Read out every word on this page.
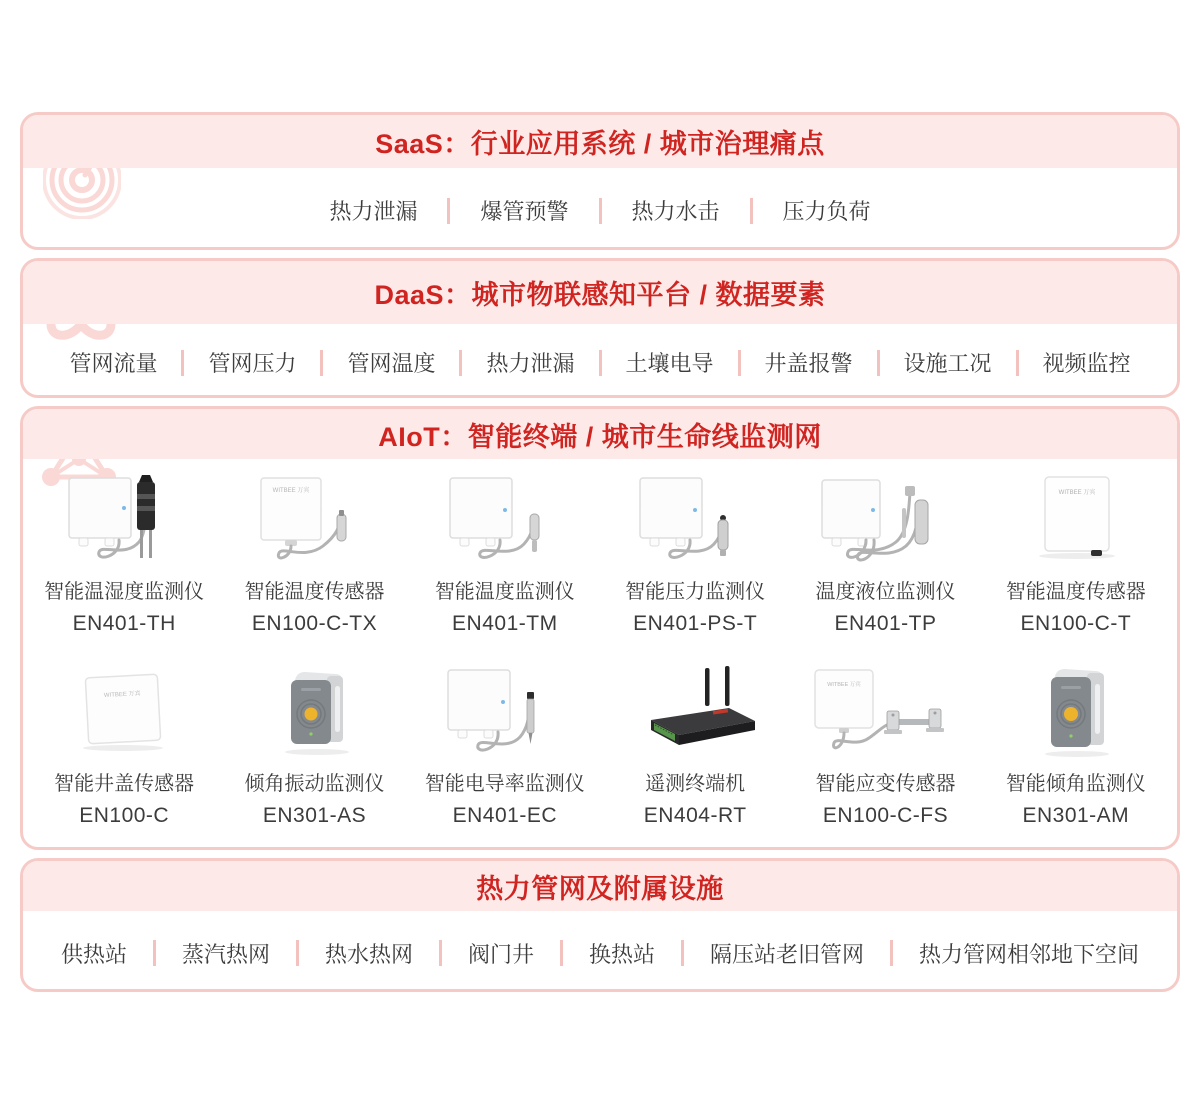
SaaS：行业应用系统 / 城市治理痛点
热力泄漏	爆管预警	热力水击	压力负荷
DaaS：城市物联感知平台 / 数据要素
管网流量 管网压力 管网温度 热力泄漏 土壤电导 井盖报警 设施工况 视频监控
AIoT：智能终端 / 城市生命线监测网
智能温湿度监测仪
EN401-TH
WITBEE 万宾
智能温度传感器
EN100-C-TX
智能温度监测仪
EN401-TM
智能压力监测仪
EN401-PS-T
温度液位监测仪
EN401-TP
WITBEE 万宾
智能温度传感器
EN100-C-T
WITBEE 万宾
智能井盖传感器
EN100-C
倾角振动监测仪
EN301-AS
智能电导率监测仪
EN401-EC
遥测终端机
EN404-RT
WITBEE 万宾
智能应变传感器
EN100-C-FS
智能倾角监测仪
EN301-AM
热力管网及附属设施
供热站	蒸汽热网	热水热网	阀门井	换热站	隔压站老旧管网	热力管网相邻地下空间
